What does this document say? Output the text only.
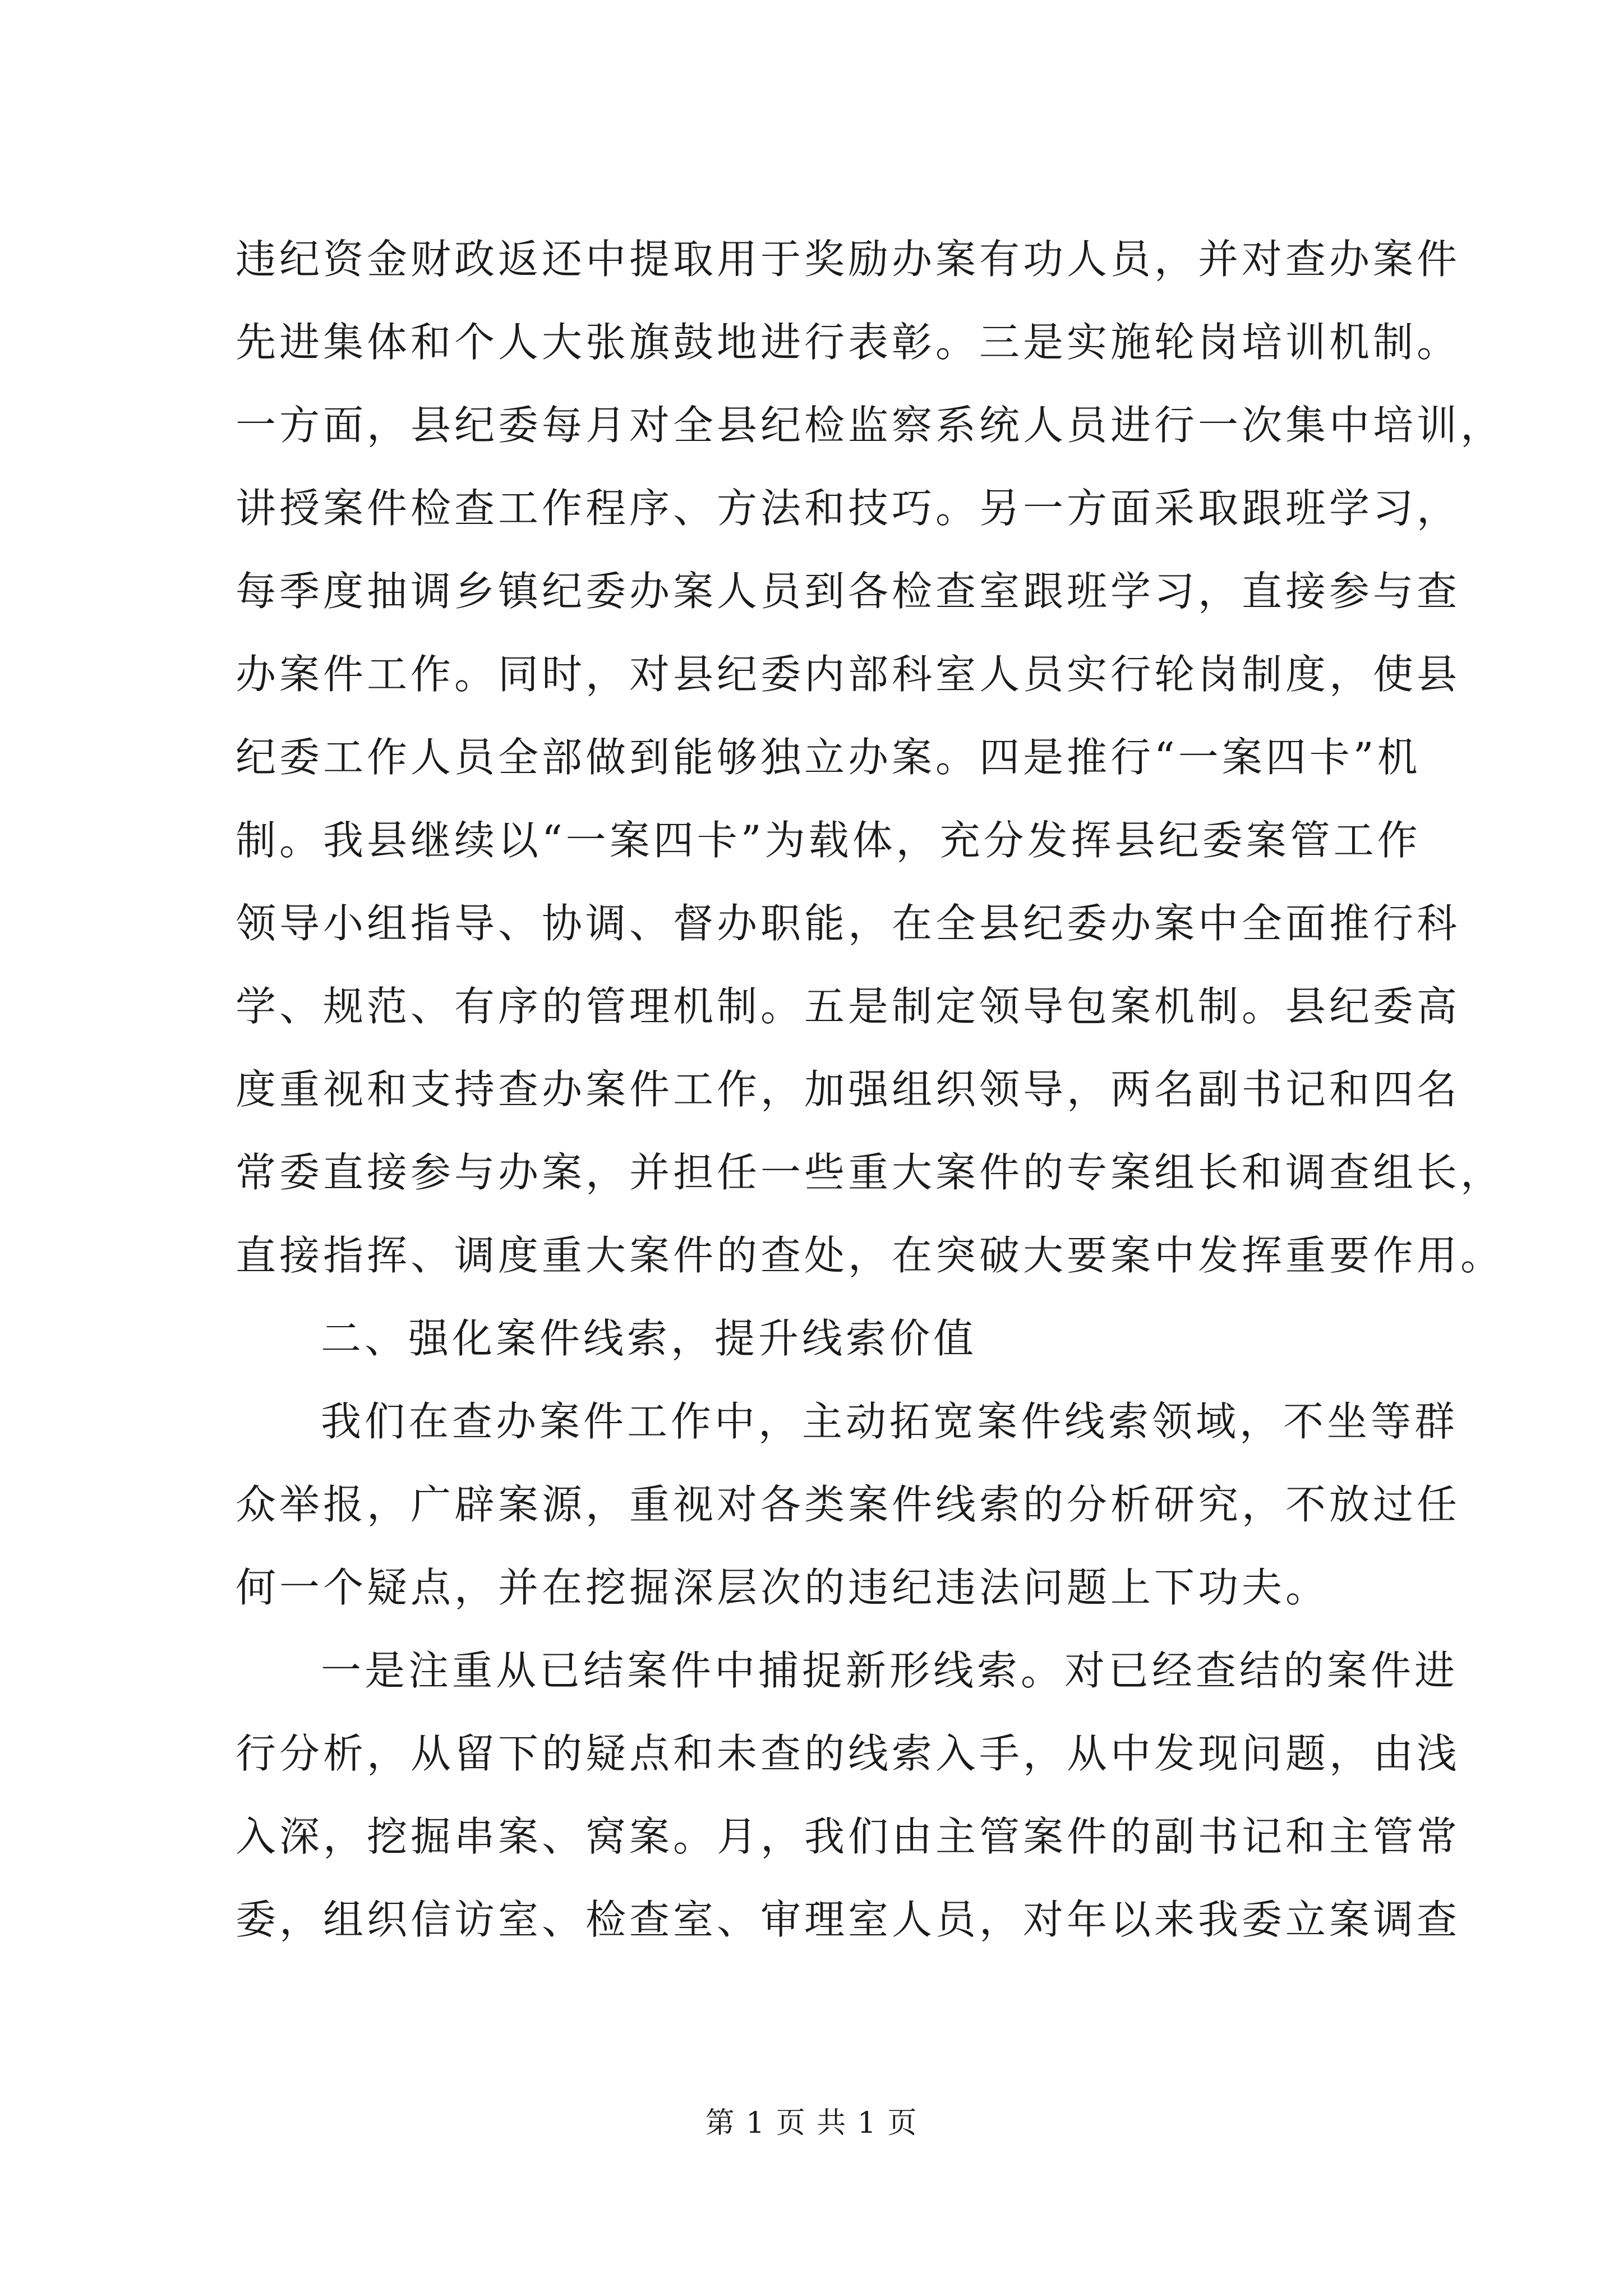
违纪资金财政返还中提取用于奖励办案有功人员，并对查办案件
先进集体和个人大张旗鼓地进行表彰。三是实施轮岗培训机制。
一方面，县纪委每月对全县纪检监察系统人员进行一次集中培训，
讲授案件检查工作程序、方法和技巧。另一方面采取跟班学习，
每季度抽调乡镇纪委办案人员到各检查室跟班学习，直接参与查
办案件工作。同时，对县纪委内部科室人员实行轮岗制度，使县
纪委工作人员全部做到能够独立办案。四是推行“一案四卡”机
制。我县继续以“一案四卡”为载体，充分发挥县纪委案管工作
领导小组指导、协调、督办职能，在全县纪委办案中全面推行科
学、规范、有序的管理机制。五是制定领导包案机制。县纪委高
度重视和支持查办案件工作，加强组织领导，两名副书记和四名
常委直接参与办案，并担任一些重大案件的专案组长和调查组长，
直接指挥、调度重大案件的查处，在突破大要案中发挥重要作用。
二、强化案件线索，提升线索价值
我们在查办案件工作中，主动拓宽案件线索领域，不坐等群
众举报，广辟案源，重视对各类案件线索的分析研究，不放过任
何一个疑点，并在挖掘深层次的违纪违法问题上下功夫。
一是注重从已结案件中捕捉新形线索。对已经查结的案件进
行分析，从留下的疑点和未查的线索入手，从中发现问题，由浅
入深，挖掘串案、窝案。月，我们由主管案件的副书记和主管常
委，组织信访室、检查室、审理室人员，对年以来我委立案调查
第 1 页 共 1 页
